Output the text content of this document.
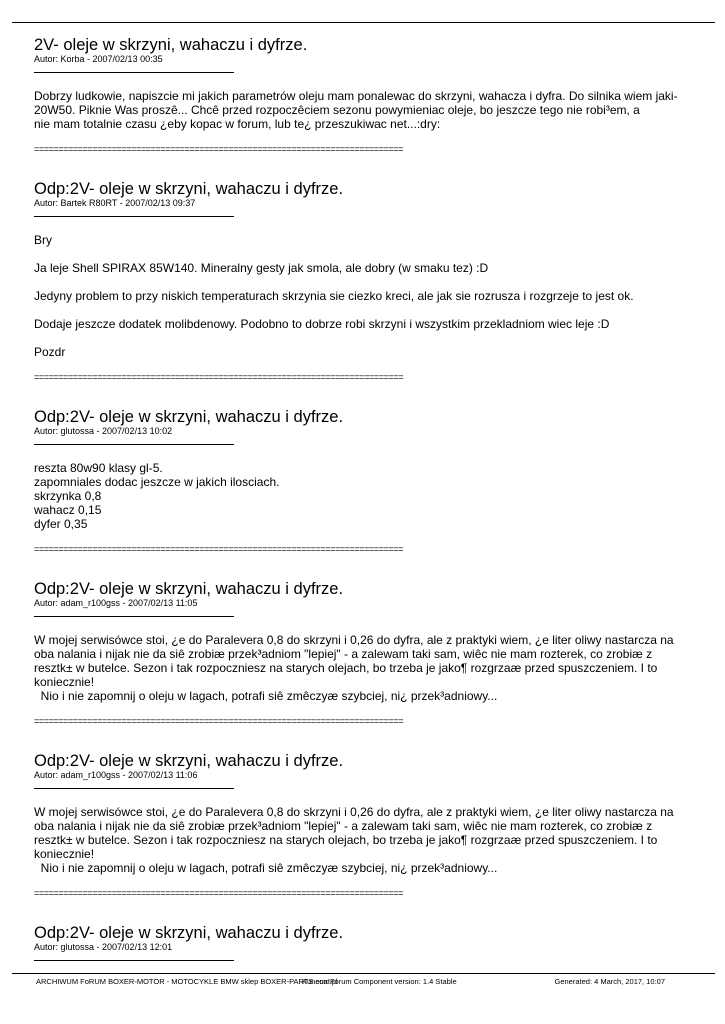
2V- oleje w skrzyni, wahaczu i dyfrze.
Autor: Korba - 2007/02/13 00:35

Dobrzy ludkowie, napiszcie mi jakich parametrów oleju mam ponalewac do skrzyni, wahacza i dyfra. Do silnika wiem jaki- 20W50. Piknie Was proszê... Chcê przed rozpoczêciem sezonu powymieniac oleje, bo jeszcze tego nie robi³em, a
nie mam totalnie czasu ¿eby kopac w forum, lub te¿ przeszukiwac net...:dry:

============================================================================
Odp:2V- oleje w skrzyni, wahaczu i dyfrze.
Autor: Bartek R80RT - 2007/02/13 09:37

Bry

Ja leje Shell SPIRAX 85W140. Mineralny gesty jak smola, ale dobry (w smaku tez) :D

Jedyny problem to przy niskich temperaturach skrzynia sie ciezko kreci, ale jak sie rozrusza i rozgrzeje to jest ok.

Dodaje jeszcze dodatek molibdenowy. Podobno to dobrze robi skrzyni i wszystkim przekladniom wiec leje :D

Pozdr

============================================================================
Odp:2V- oleje w skrzyni, wahaczu i dyfrze.
Autor: glutossa - 2007/02/13 10:02

reszta 80w90 klasy gl-5.

zapomniales dodac jeszcze w jakich ilosciach.

skrzynka 0,8

wahacz 0,15

dyfer 0,35

============================================================================
Odp:2V- oleje w skrzyni, wahaczu i dyfrze.
Autor: adam_r100gss - 2007/02/13 11:05

W mojej serwisówce stoi, ¿e do Paralevera 0,8 do skrzyni i 0,26 do dyfra, ale z praktyki wiem, ¿e liter oliwy nastarcza na oba nalania i nijak nie da siê zrobiæ przek³adniom "lepiej" - a zalewam taki sam, wiêc nie mam rozterek, co zrobiæ z resztk± w butelce. Sezon i tak rozpoczniesz na starych olejach, bo trzeba je jako¶ rozgrzaæ przed spuszczeniem. I to koniecznie!
Nio i nie zapomnij o oleju w lagach, potrafi siê zmêczyæ szybciej, ni¿ przek³adniowy...

============================================================================
Odp:2V- oleje w skrzyni, wahaczu i dyfrze.
Autor: adam_r100gss - 2007/02/13 11:06

W mojej serwisówce stoi, ¿e do Paralevera 0,8 do skrzyni i 0,26 do dyfra, ale z praktyki wiem, ¿e liter oliwy nastarcza na oba nalania i nijak nie da siê zrobiæ przek³adniom "lepiej" - a zalewam taki sam, wiêc nie mam rozterek, co zrobiæ z resztk± w butelce. Sezon i tak rozpoczniesz na starych olejach, bo trzeba je jako¶ rozgrzaæ przed spuszczeniem. I to koniecznie!
Nio i nie zapomnij o oleju w lagach, potrafi siê zmêczyæ szybciej, ni¿ przek³adniowy...

============================================================================
Odp:2V- oleje w skrzyni, wahaczu i dyfrze.
Autor: glutossa - 2007/02/13 12:01
ARCHIWUM FoRUM BOXER-MOTOR - MOTOCYKLE BMW sklep BOXER-PARTS.com.pl
Kunena!Forum Component version: 1.4 Stable	Generated: 4 March, 2017, 10:07
